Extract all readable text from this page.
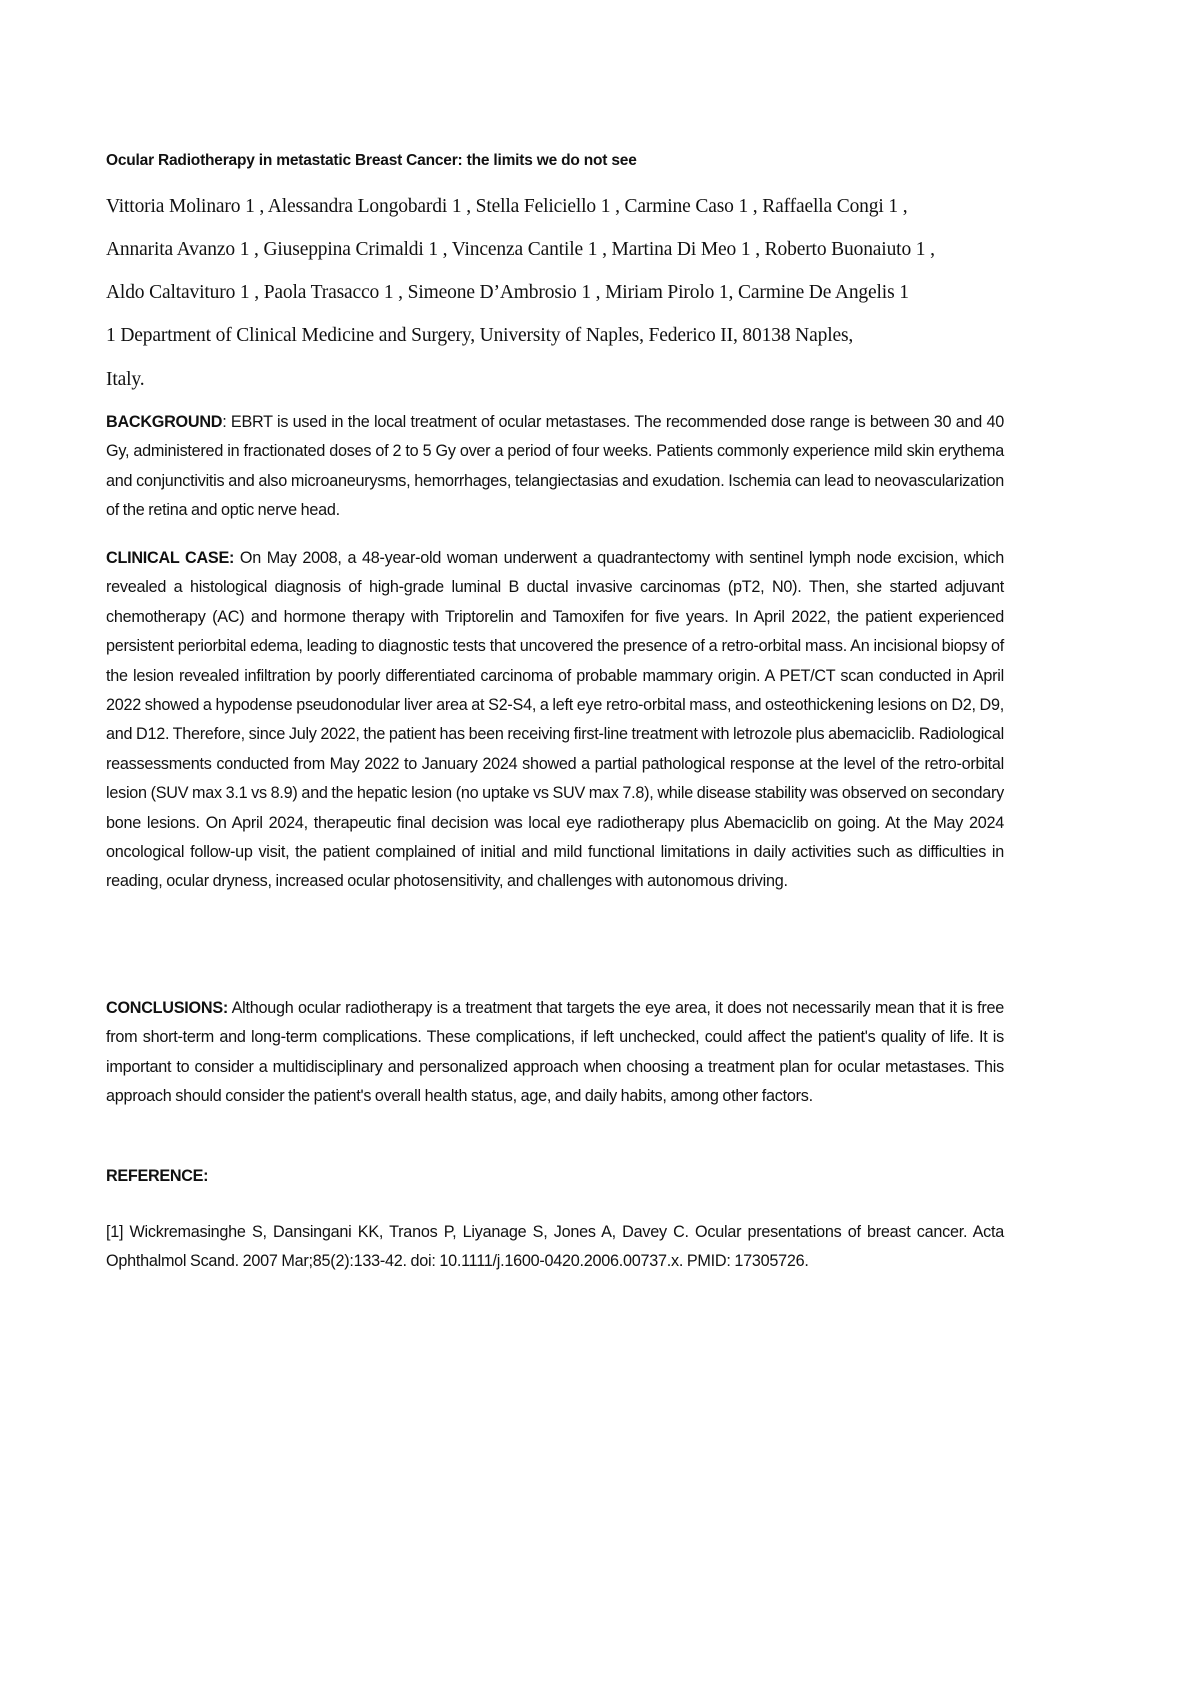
Ocular Radiotherapy in metastatic Breast Cancer: the limits we do not see

Vittoria Molinaro 1 , Alessandra Longobardi 1 , Stella Feliciello 1 , Carmine Caso 1 , Raffaella Congi 1 ,

Annarita Avanzo 1 , Giuseppina Crimaldi 1 , Vincenza Cantile 1 , Martina Di Meo 1 , Roberto Buonaiuto 1 ,

Aldo Caltavituro 1 , Paola Trasacco 1 , Simeone D’Ambrosio 1 , Miriam Pirolo 1, Carmine De Angelis 1

1 Department of Clinical Medicine and Surgery, University of Naples, Federico II, 80138 Naples,

Italy.

BACKGROUND: EBRT is used in the local treatment of ocular metastases. The recommended dose range is between 30 and 40 Gy, administered in fractionated doses of 2 to 5 Gy over a period of four weeks. Patients commonly experience mild skin erythema and conjunctivitis and also microaneurysms, hemorrhages, telangiectasias and exudation. Ischemia can lead to neovascularization of the retina and optic nerve head.

CLINICAL CASE: On May 2008, a 48-year-old woman underwent a quadrantectomy with sentinel lymph node excision, which revealed a histological diagnosis of high-grade luminal B ductal invasive carcinomas (pT2, N0). Then, she started adjuvant chemotherapy (AC) and hormone therapy with Triptorelin and Tamoxifen for five years. In April 2022, the patient experienced persistent periorbital edema, leading to diagnostic tests that uncovered the presence of a retro-orbital mass. An incisional biopsy of the lesion revealed infiltration by poorly differentiated carcinoma of probable mammary origin. A PET/CT scan conducted in April 2022 showed a hypodense pseudonodular liver area at S2-S4, a left eye retro-orbital mass, and osteothickening lesions on D2, D9, and D12. Therefore, since July 2022, the patient has been receiving first-line treatment with letrozole plus abemaciclib. Radiological reassessments conducted from May 2022 to January 2024 showed a partial pathological response at the level of the retro-orbital lesion (SUV max 3.1 vs 8.9) and the hepatic lesion (no uptake vs SUV max 7.8), while disease stability was observed on secondary bone lesions. On April 2024, therapeutic final decision was local eye radiotherapy plus Abemaciclib on going. At the May 2024 oncological follow-up visit, the patient complained of initial and mild functional limitations in daily activities such as difficulties in reading, ocular dryness, increased ocular photosensitivity, and challenges with autonomous driving.

CONCLUSIONS: Although ocular radiotherapy is a treatment that targets the eye area, it does not necessarily mean that it is free from short-term and long-term complications. These complications, if left unchecked, could affect the patient's quality of life. It is important to consider a multidisciplinary and personalized approach when choosing a treatment plan for ocular metastases. This approach should consider the patient's overall health status, age, and daily habits, among other factors.

REFERENCE:

[1] Wickremasinghe S, Dansingani KK, Tranos P, Liyanage S, Jones A, Davey C. Ocular presentations of breast cancer. Acta Ophthalmol Scand. 2007 Mar;85(2):133-42. doi: 10.1111/j.1600-0420.2006.00737.x. PMID: 17305726.
